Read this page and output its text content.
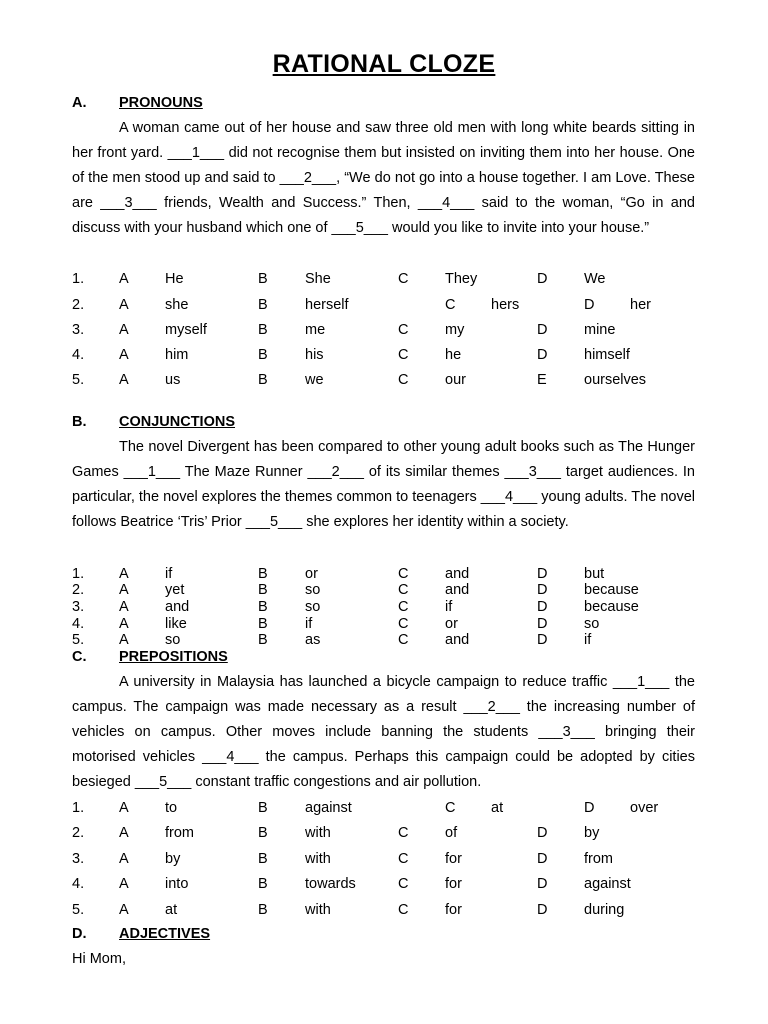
RATIONAL CLOZE
A. PRONOUNS
A woman came out of her house and saw three old men with long white beards sitting in her front yard. ___1___ did not recognise them but insisted on inviting them into her house. One of the men stood up and said to ___2___, “We do not go into a house together. I am Love. These are ___3___ friends, Wealth and Success.” Then, ___4___ said to the woman, “Go in and discuss with your husband which one of ___5___ would you like to invite into your house.”
1. A	He	B	She	C	They	D	We
2. A	she	B	herself	C hers	D her
3. A	myself	B	me	C	my	D	mine
4. A	him	B	his	C	he	D	himself
5. A	us	B	we	C	our	E	ourselves
B. CONJUNCTIONS
The novel Divergent has been compared to other young adult books such as The Hunger Games ___1___ The Maze Runner ___2___ of its similar themes ___3___ target audiences. In particular, the novel explores the themes common to teenagers ___4___ young adults. The novel follows Beatrice ‘Tris’ Prior ___5___ she explores her identity within a society.
1. A	if	B	or	C	and	D	but
2. A	yet	B	so	C	and	D	because
3. A	and	B	so	C	if	D	because
4. A	like	B	if	C	or	D	so
5. A	so	B	as	C	and	D	if
C. PREPOSITIONS
A university in Malaysia has launched a bicycle campaign to reduce traffic ___1___ the campus. The campaign was made necessary as a result ___2___ the increasing number of vehicles on campus. Other moves include banning the students ___3___ bringing their motorised vehicles ___4___ the campus. Perhaps this campaign could be adopted by cities besieged ___5___ constant traffic congestions and air pollution.
1. A	to	B	against	C at	D over
2. A	from	B	with	C	of	D	by
3. A	by	B	with	C	for	D	from
4. A	into	B	towards	C	for	D	against
5. A	at	B	with	C	for	D	during
D. ADJECTIVES
Hi Mom,
